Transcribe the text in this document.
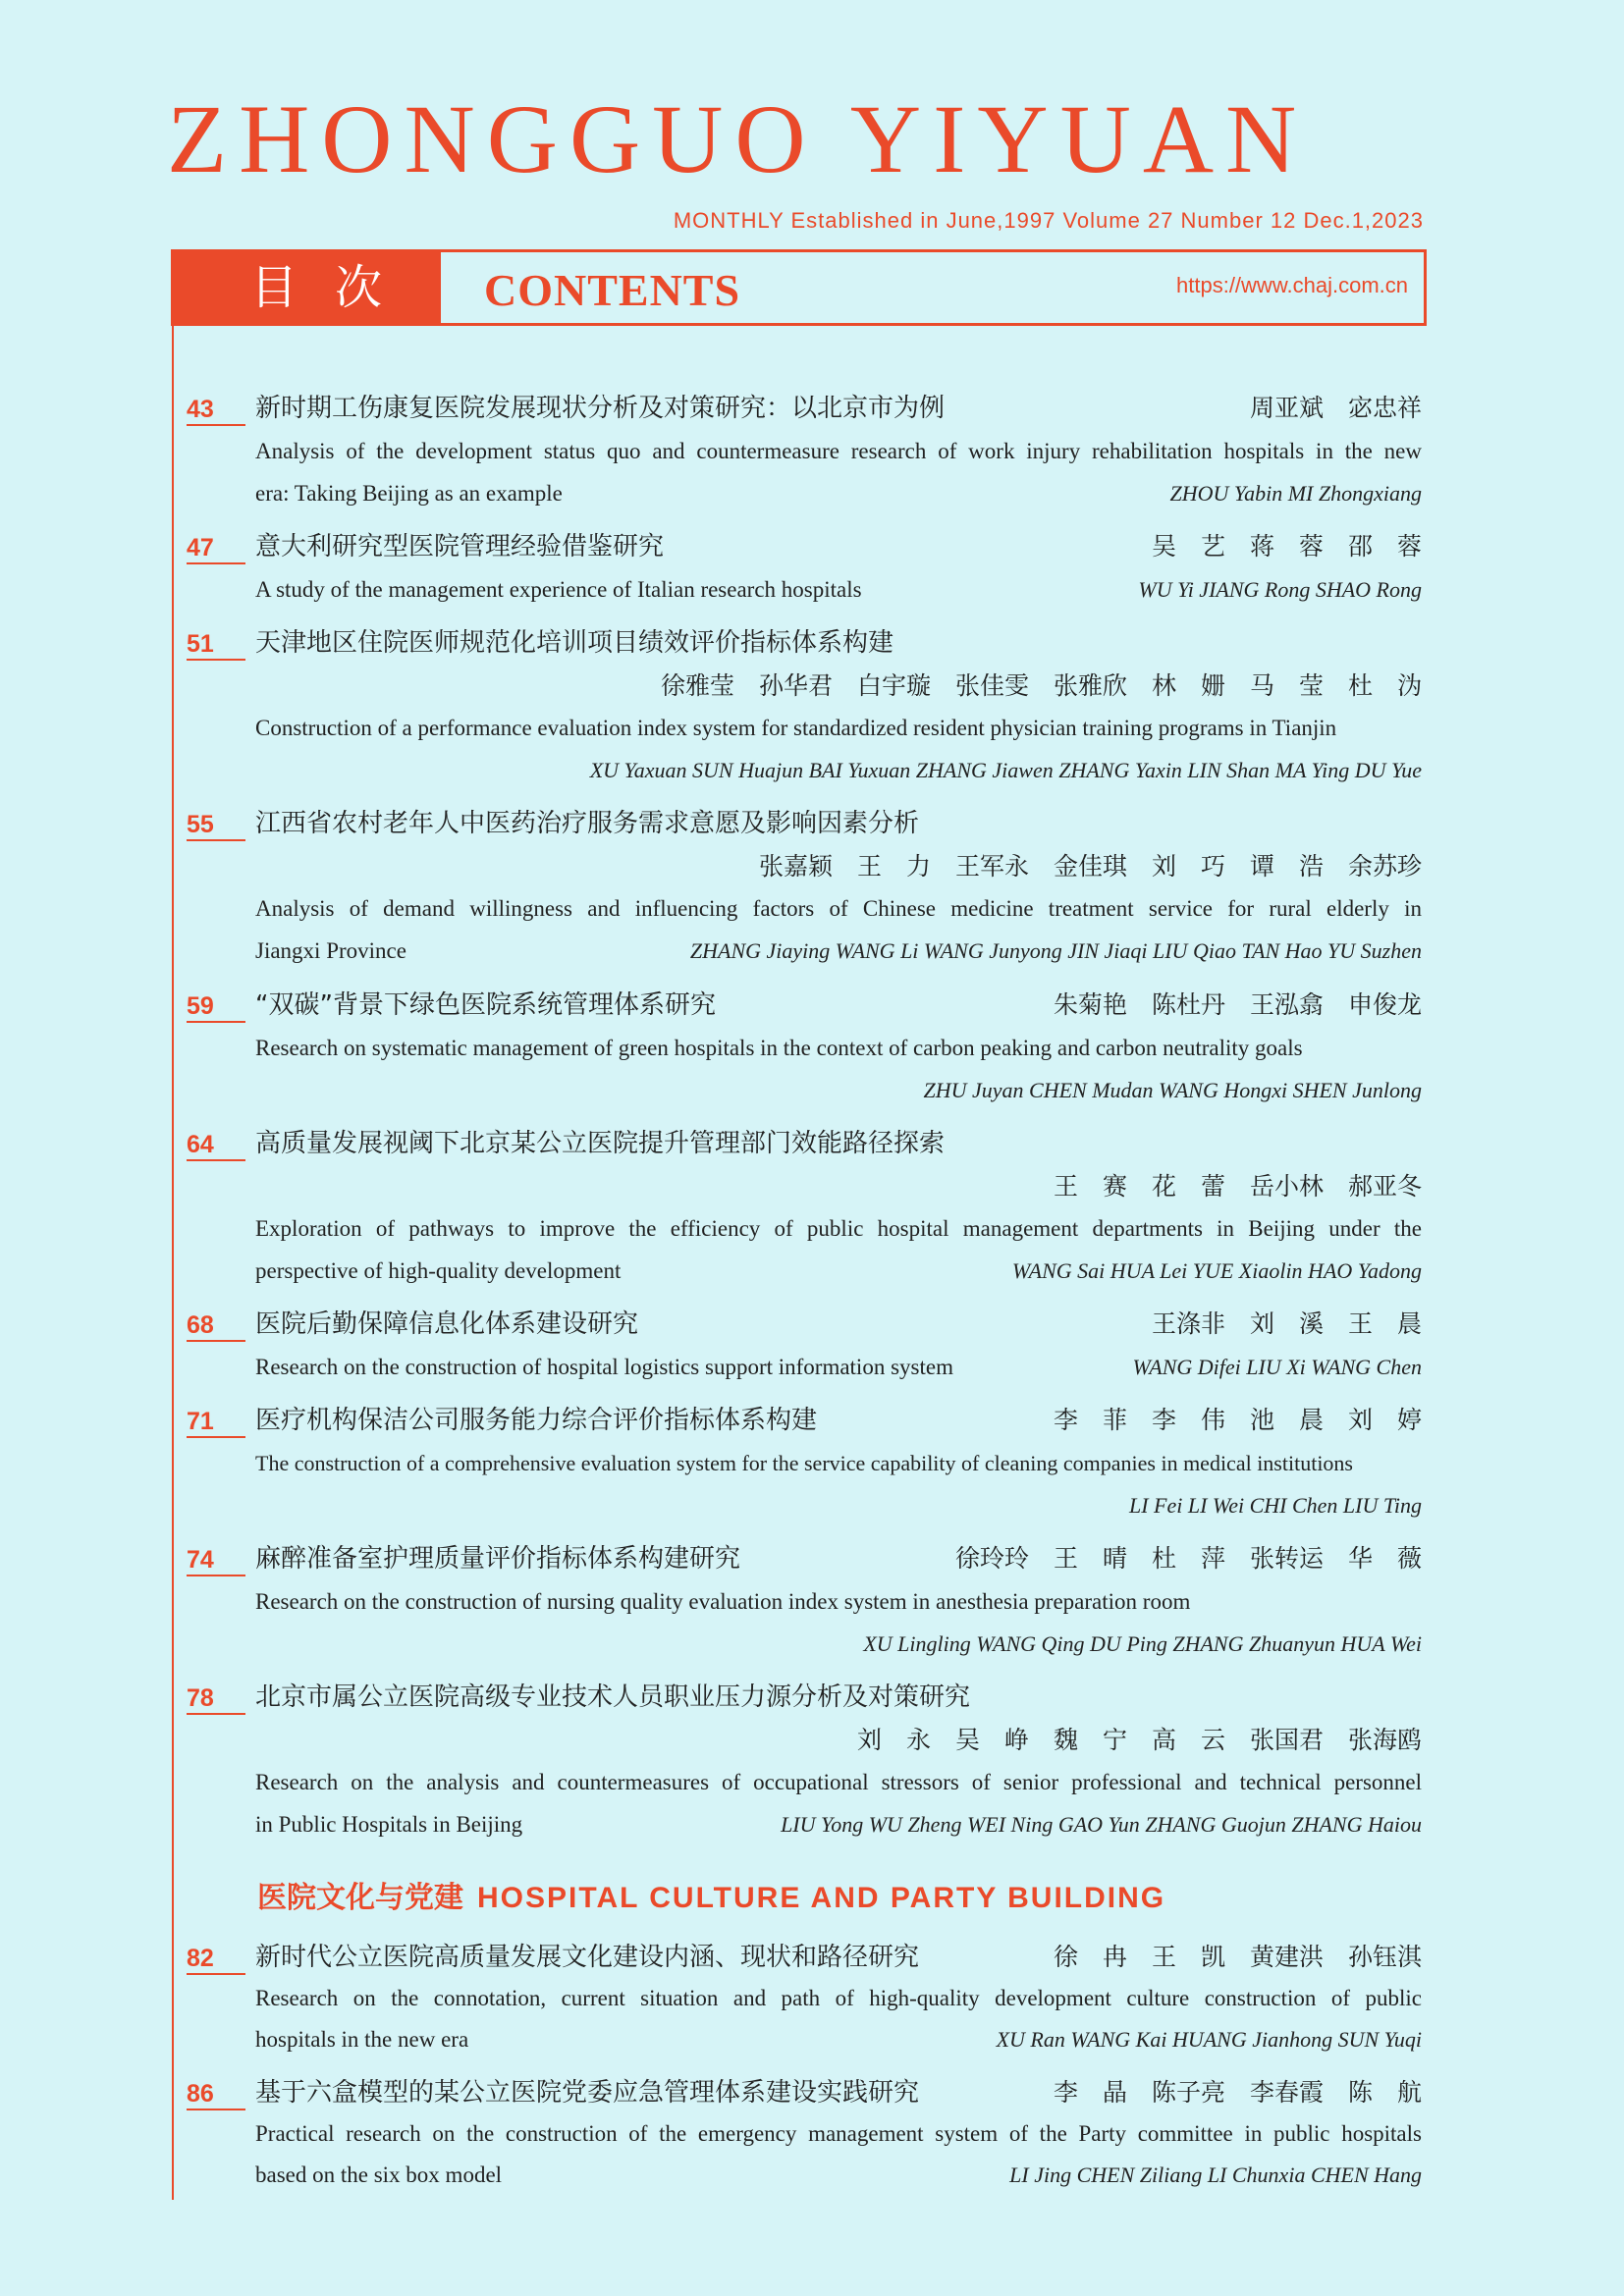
ZHONGGUO YIYUAN
MONTHLY Established in June,1997 Volume 27 Number 12 Dec.1,2023
目次	CONTENTS	https://www.chaj.com.cn
43	新时期工伤康复医院发展现状分析及对策研究：以北京市为例	周亚斌　宓忠祥
Analysis of the development status quo and countermeasure research of work injury rehabilitation hospitals in the new
era: Taking Beijing as an example	ZHOU Yabin MI Zhongxiang
47	意大利研究型医院管理经验借鉴研究	吴　艺　蒋　蓉　邵　蓉
A study of the management experience of Italian research hospitals	WU Yi JIANG Rong SHAO Rong
51	天津地区住院医师规范化培训项目绩效评价指标体系构建
徐雅莹　孙华君　白宇璇　张佳雯　张雅欣　林　姗　马　莹　杜　沩
Construction of a performance evaluation index system for standardized resident physician training programs in Tianjin
XU Yaxuan SUN Huajun BAI Yuxuan ZHANG Jiawen ZHANG Yaxin LIN Shan MA Ying DU Yue
55	江西省农村老年人中医药治疗服务需求意愿及影响因素分析
张嘉颖　王　力　王军永　金佳琪　刘　巧　谭　浩　余苏珍
Analysis of demand willingness and influencing factors of Chinese medicine treatment service for rural elderly in
Jiangxi Province	ZHANG Jiaying WANG Li WANG Junyong JIN Jiaqi LIU Qiao TAN Hao YU Suzhen
59	“双碳”背景下绿色医院系统管理体系研究	朱菊艳　陈杜丹　王泓翕　申俊龙
Research on systematic management of green hospitals in the context of carbon peaking and carbon neutrality goals
ZHU Juyan CHEN Mudan WANG Hongxi SHEN Junlong
64	高质量发展视阈下北京某公立医院提升管理部门效能路径探索
王　赛　花　蕾　岳小林　郝亚冬
Exploration of pathways to improve the efficiency of public hospital management departments in Beijing under the
perspective of high-quality development	WANG Sai HUA Lei YUE Xiaolin HAO Yadong
68	医院后勤保障信息化体系建设研究	王涤非　刘　溪　王　晨
Research on the construction of hospital logistics support information system	WANG Difei LIU Xi WANG Chen
71	医疗机构保洁公司服务能力综合评价指标体系构建	李　菲　李　伟　池　晨　刘　婷
The construction of a comprehensive evaluation system for the service capability of cleaning companies in medical institutions
LI Fei LI Wei CHI Chen LIU Ting
74	麻醉准备室护理质量评价指标体系构建研究	徐玲玲　王　晴　杜　萍　张转运　华　薇
Research on the construction of nursing quality evaluation index system in anesthesia preparation room
XU Lingling WANG Qing DU Ping ZHANG Zhuanyun HUA Wei
78	北京市属公立医院高级专业技术人员职业压力源分析及对策研究
刘　永　吴　峥　魏　宁　高　云　张国君　张海鸥
Research on the analysis and countermeasures of occupational stressors of senior professional and technical personnel
in Public Hospitals in Beijing	LIU Yong WU Zheng WEI Ning GAO Yun ZHANG Guojun ZHANG Haiou
医院文化与党建 HOSPITAL CULTURE AND PARTY BUILDING
82	新时代公立医院高质量发展文化建设内涵、现状和路径研究	徐　冉　王　凯　黄建洪　孙钰淇
Research on the connotation, current situation and path of high-quality development culture construction of public
hospitals in the new era	XU Ran WANG Kai HUANG Jianhong SUN Yuqi
86	基于六盒模型的某公立医院党委应急管理体系建设实践研究	李　晶　陈子亮　李春霞　陈　航
Practical research on the construction of the emergency management system of the Party committee in public hospitals
based on the six box model	LI Jing CHEN Ziliang LI Chunxia CHEN Hang
